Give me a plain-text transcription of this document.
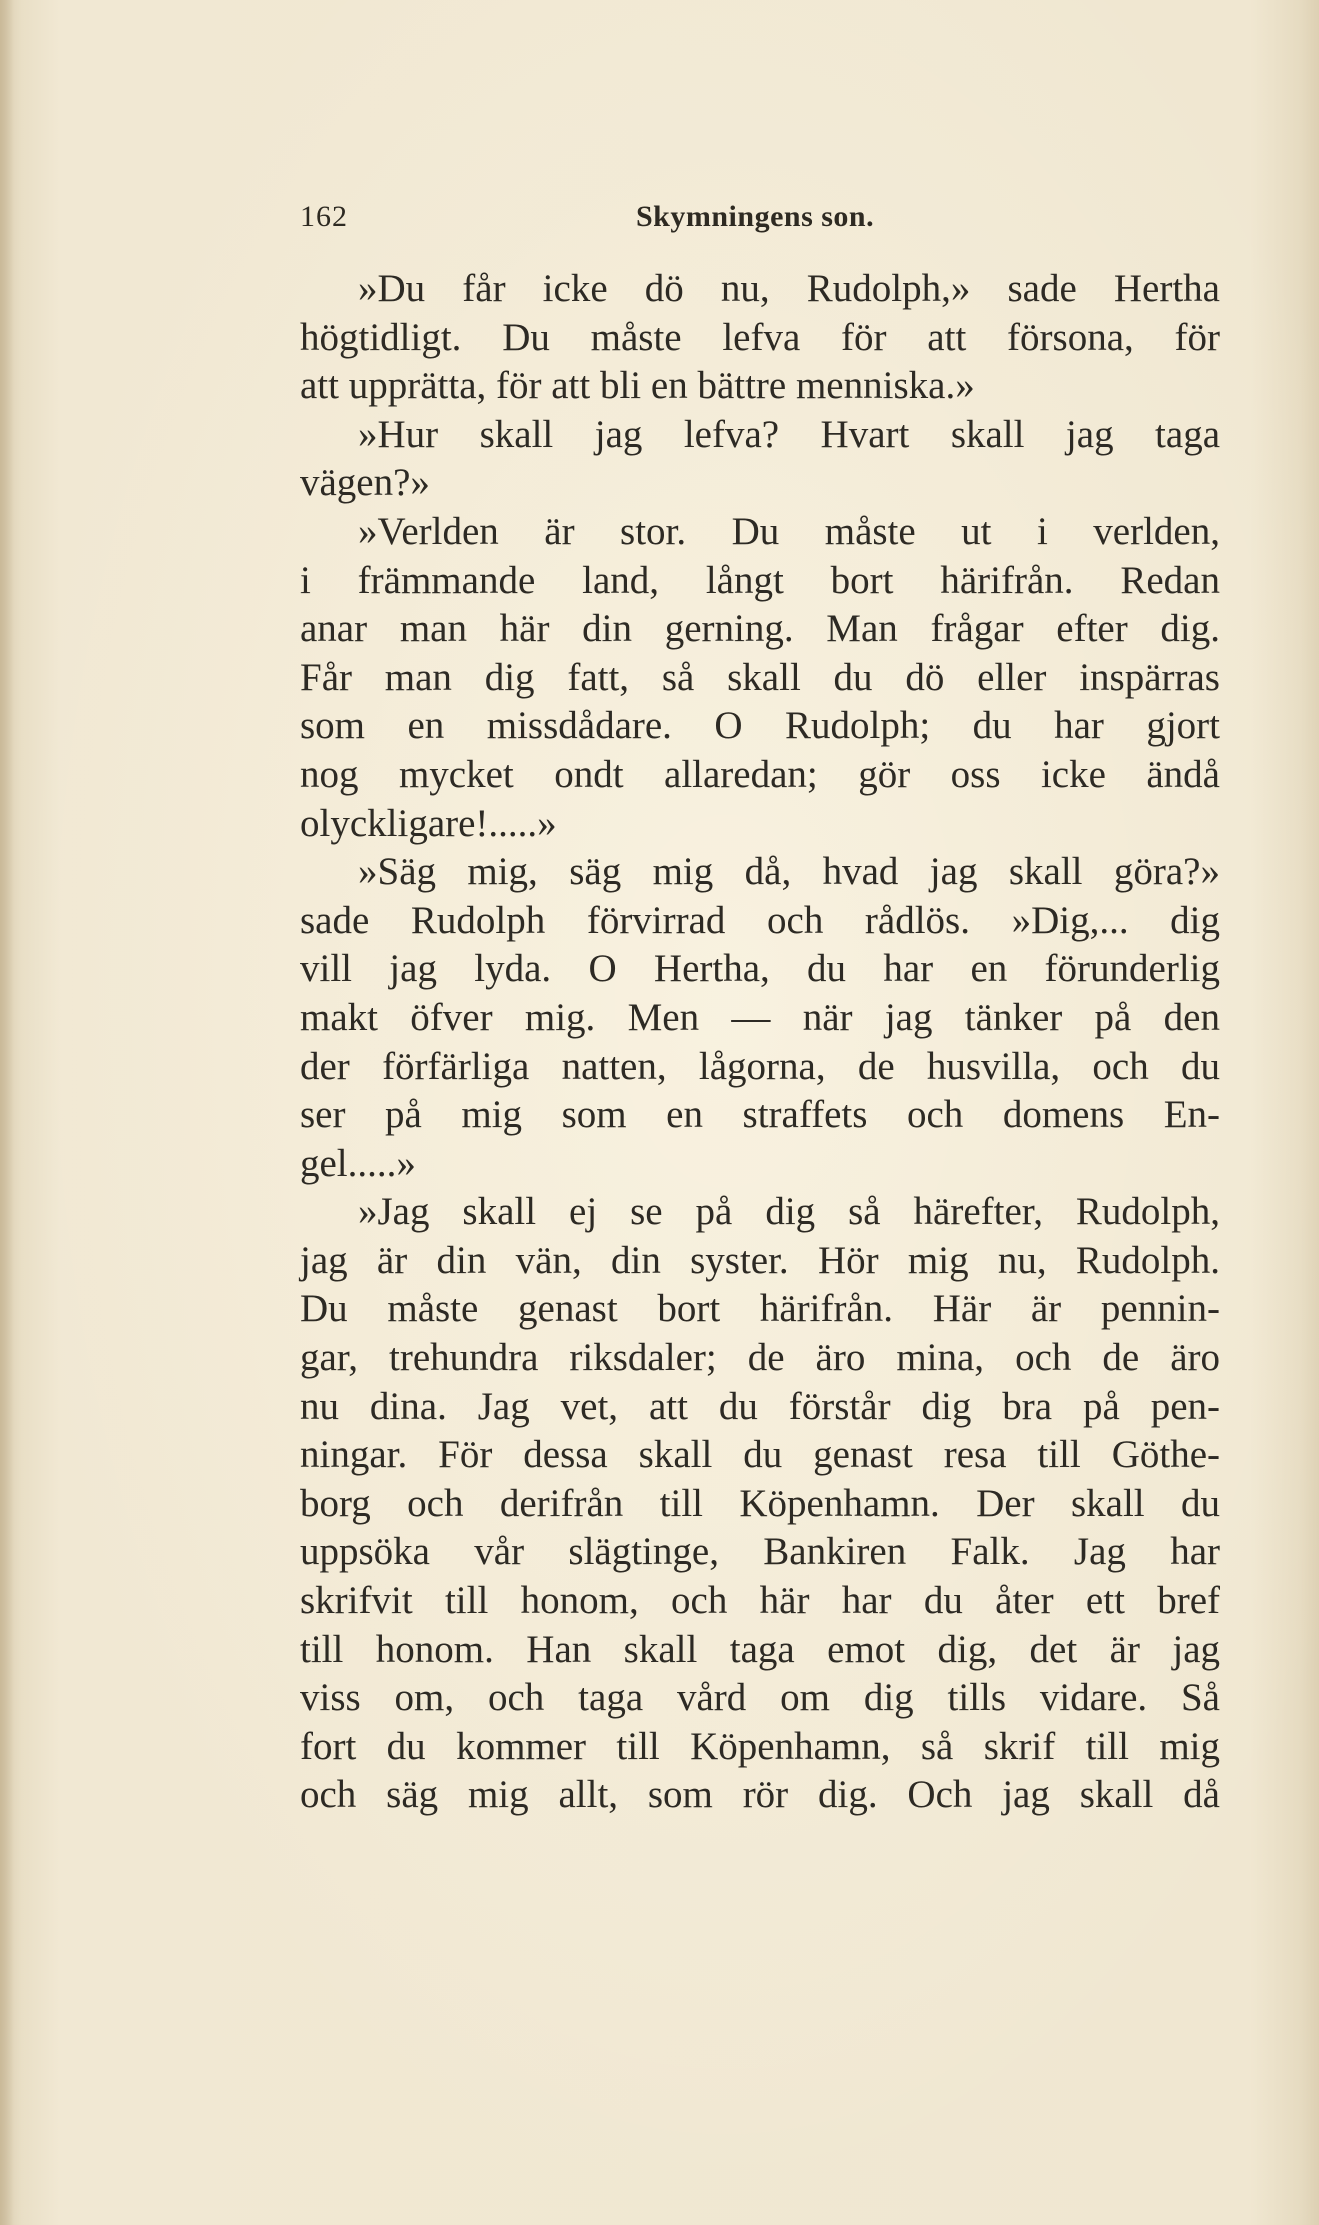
162	Skymningens son.
»Du får icke dö nu, Rudolph,» sade Hertha
högtidligt. Du måste lefva för att försona, för
att upprätta, för att bli en bättre menniska.»
»Hur skall jag lefva? Hvart skall jag taga
vägen?»
»Verlden är stor. Du måste ut i verlden,
i främmande land, långt bort härifrån. Redan
anar man här din gerning. Man frågar efter dig.
Får man dig fatt, så skall du dö eller inspärras
som en missdådare. O Rudolph; du har gjort
nog mycket ondt allaredan; gör oss icke ändå
olyckligare!.....»
»Säg mig, säg mig då, hvad jag skall göra?»
sade Rudolph förvirrad och rådlös. »Dig,... dig
vill jag lyda. O Hertha, du har en förunderlig
makt öfver mig. Men — när jag tänker på den
der förfärliga natten, lågorna, de husvilla, och du
ser på mig som en straffets och domens En-
gel.....»
»Jag skall ej se på dig så härefter, Rudolph,
jag är din vän, din syster. Hör mig nu, Rudolph.
Du måste genast bort härifrån. Här är pennin-
gar, trehundra riksdaler; de äro mina, och de äro
nu dina. Jag vet, att du förstår dig bra på pen-
ningar. För dessa skall du genast resa till Göthe-
borg och derifrån till Köpenhamn. Der skall du
uppsöka vår slägtinge, Bankiren Falk. Jag har
skrifvit till honom, och här har du åter ett bref
till honom. Han skall taga emot dig, det är jag
viss om, och taga vård om dig tills vidare. Så
fort du kommer till Köpenhamn, så skrif till mig
och säg mig allt, som rör dig. Och jag skall då
